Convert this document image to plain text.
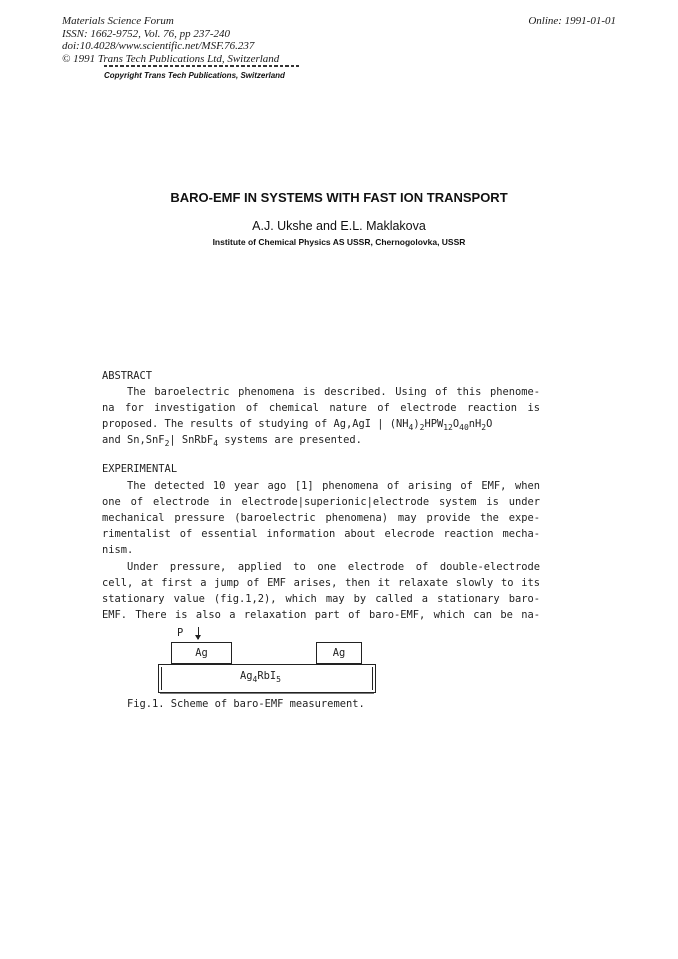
Materials Science Forum
ISSN: 1662-9752, Vol. 76, pp 237-240
doi:10.4028/www.scientific.net/MSF.76.237
© 1991 Trans Tech Publications Ltd, Switzerland
Online: 1991-01-01
Copyright Trans Tech Publications, Switzerland
BARO-EMF IN SYSTEMS WITH FAST ION TRANSPORT
A.J. Ukshe and E.L. Maklakova
Institute of Chemical Physics AS USSR, Chernogolovka, USSR
ABSTRACT
The baroelectric phenomena is described. Using of this phenome-
na for investigation of chemical nature of electrode reaction is
proposed. The results of studying of Ag,AgI | $(NH_4)_2HPW_{12}O_{40}nH_2O$
and Sn,SnF$_2$| SnRbF$_4$ systems are presented.
EXPERIMENTAL
The detected 10 year ago [1] phenomena of arising of EMF, when
one of electrode in electrode|superionic|electrode system is under
mechanical pressure (baroelectric phenomena) may provide the expe-
rimentalist of essential information about elecrode reaction mecha-
nism.
Under pressure, applied to one electrode of double-electrode
cell, at first a jump of EMF arises, then it relaxate slowly to its
stationary value (fig.1,2), which may by called a stationary baro-
EMF. There is also a relaxation part of baro-EMF, which can be na-
P
Ag	Ag
$Ag_4RbI_5$
Fig.1. Scheme of baro-EMF measurement.
